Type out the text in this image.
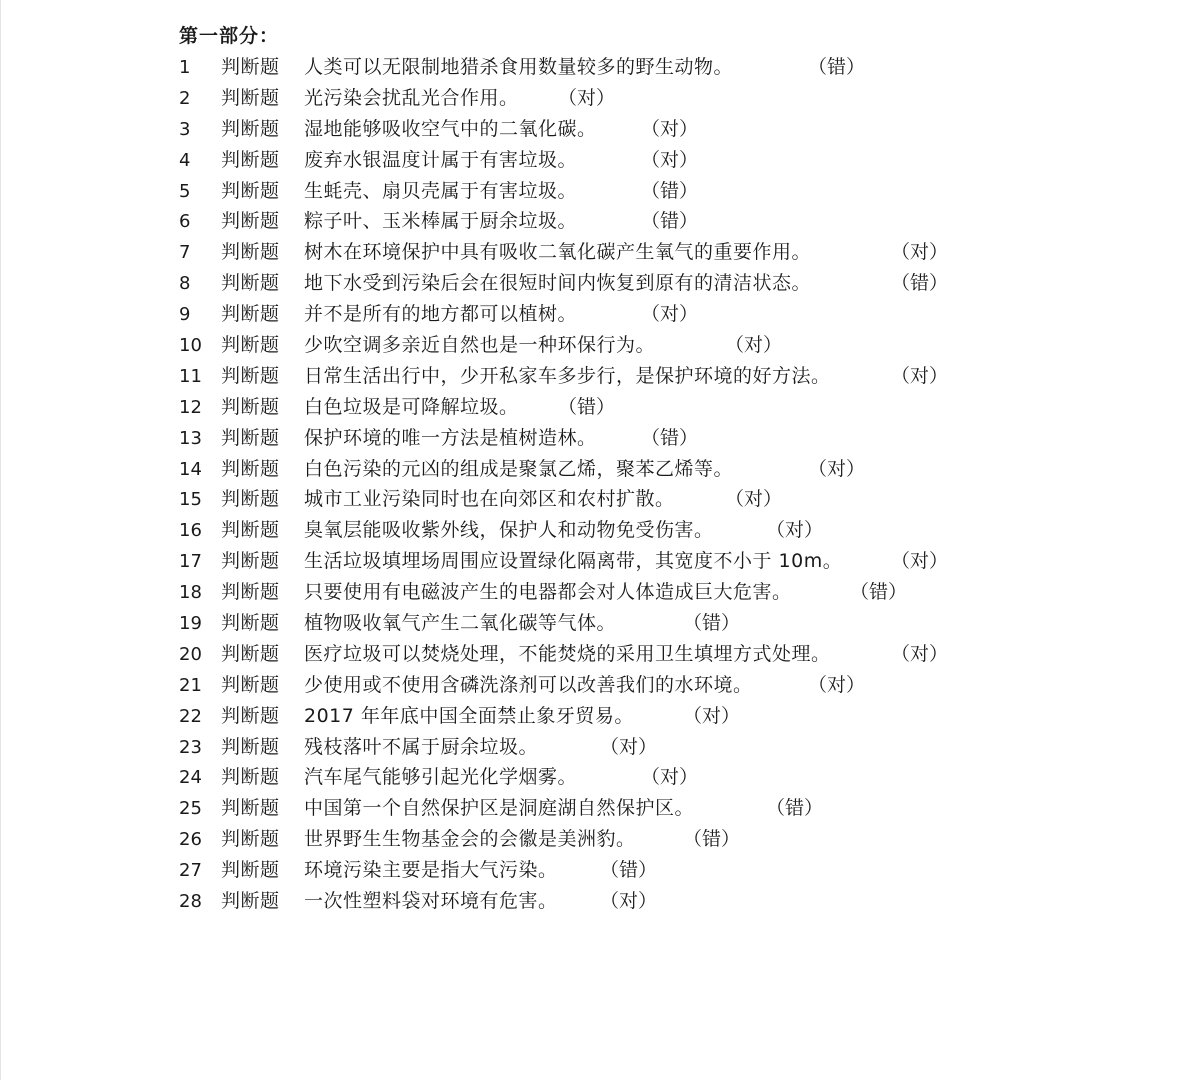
第一部分：
1 判断题 人类可以无限制地猎杀食用数量较多的野生动物。	（错）
2 判断题 光污染会扰乱光合作用。 （对）
3 判断题 湿地能够吸收空气中的二氧化碳。 （对）
4 判断题 废弃水银温度计属于有害垃圾。	（对）
5 判断题 生蚝壳、扇贝壳属于有害垃圾。	（错）
6 判断题 粽子叶、玉米棒属于厨余垃圾。	（错）
7 判断题 树木在环境保护中具有吸收二氧化碳产生氧气的重要作用。	（对）
8 判断题 地下水受到污染后会在很短时间内恢复到原有的清洁状态。	（错）
9 判断题 并不是所有的地方都可以植树。	（对）
10 判断题 少吹空调多亲近自然也是一种环保行为。	（对）
11 判断题 日常生活出行中，少开私家车多步行，是保护环境的好方法。	（对）
12 判断题 白色垃圾是可降解垃圾。 （错）
13 判断题 保护环境的唯一方法是植树造林。 （错）
14 判断题 白色污染的元凶的组成是聚氯乙烯，聚苯乙烯等。	（对）
15 判断题 城市工业污染同时也在向郊区和农村扩散。	（对）
16 判断题 臭氧层能吸收紫外线，保护人和动物免受伤害。	（对）
17 判断题 生活垃圾填埋场周围应设置绿化隔离带，其宽度不小于 10m。	（对）
18 判断题 只要使用有电磁波产生的电器都会对人体造成巨大危害。	（错）
19 判断题 植物吸收氧气产生二氧化碳等气体。	（错）
20 判断题 医疗垃圾可以焚烧处理，不能焚烧的采用卫生填埋方式处理。	（对）
21 判断题 少使用或不使用含磷洗涤剂可以改善我们的水环境。	（对）
22 判断题 2017 年年底中国全面禁止象牙贸易。	（对）
23 判断题 残枝落叶不属于厨余垃圾。	（对）
24 判断题 汽车尾气能够引起光化学烟雾。	（对）
25 判断题 中国第一个自然保护区是洞庭湖自然保护区。	（错）
26 判断题 世界野生生物基金会的会徽是美洲豹。 （错）
27 判断题 环境污染主要是指大气污染。 （错）
28 判断题 一次性塑料袋对环境有危害。 （对）
